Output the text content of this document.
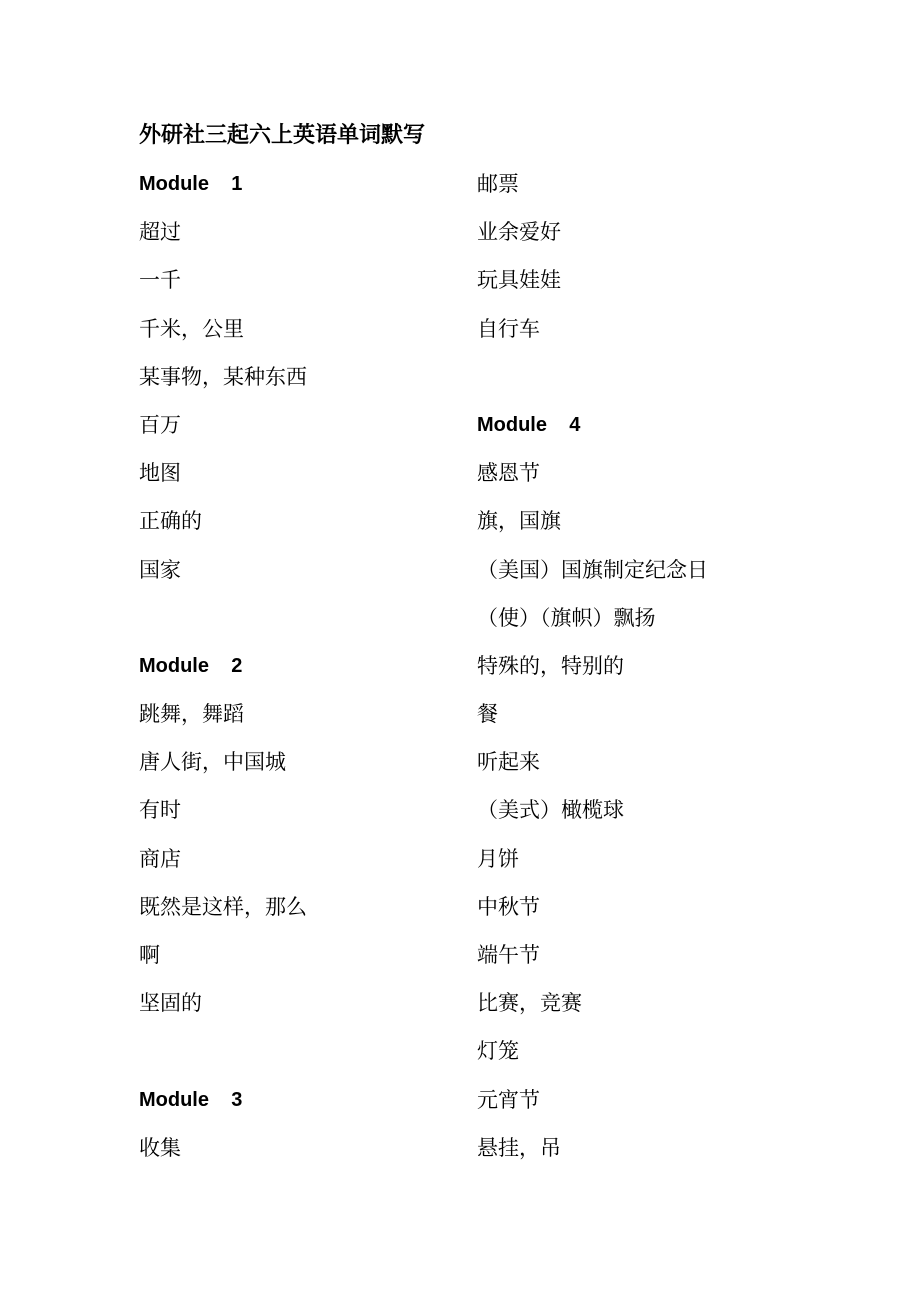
外研社三起六上英语单词默写
Module    1
超过
一千
千米，公里
某事物，某种东西
百万
地图
正确的
国家
Module    2
跳舞，舞蹈
唐人街，中国城
有时
商店
既然是这样，那么
啊
坚固的
Module    3
收集
邮票
业余爱好
玩具娃娃
自行车
Module    4
感恩节
旗，国旗
（美国）国旗制定纪念日
（使）（旗帜）飘扬
特殊的，特别的
餐
听起来
（美式）橄榄球
月饼
中秋节
端午节
比赛，竞赛
灯笼
元宵节
悬挂，吊
